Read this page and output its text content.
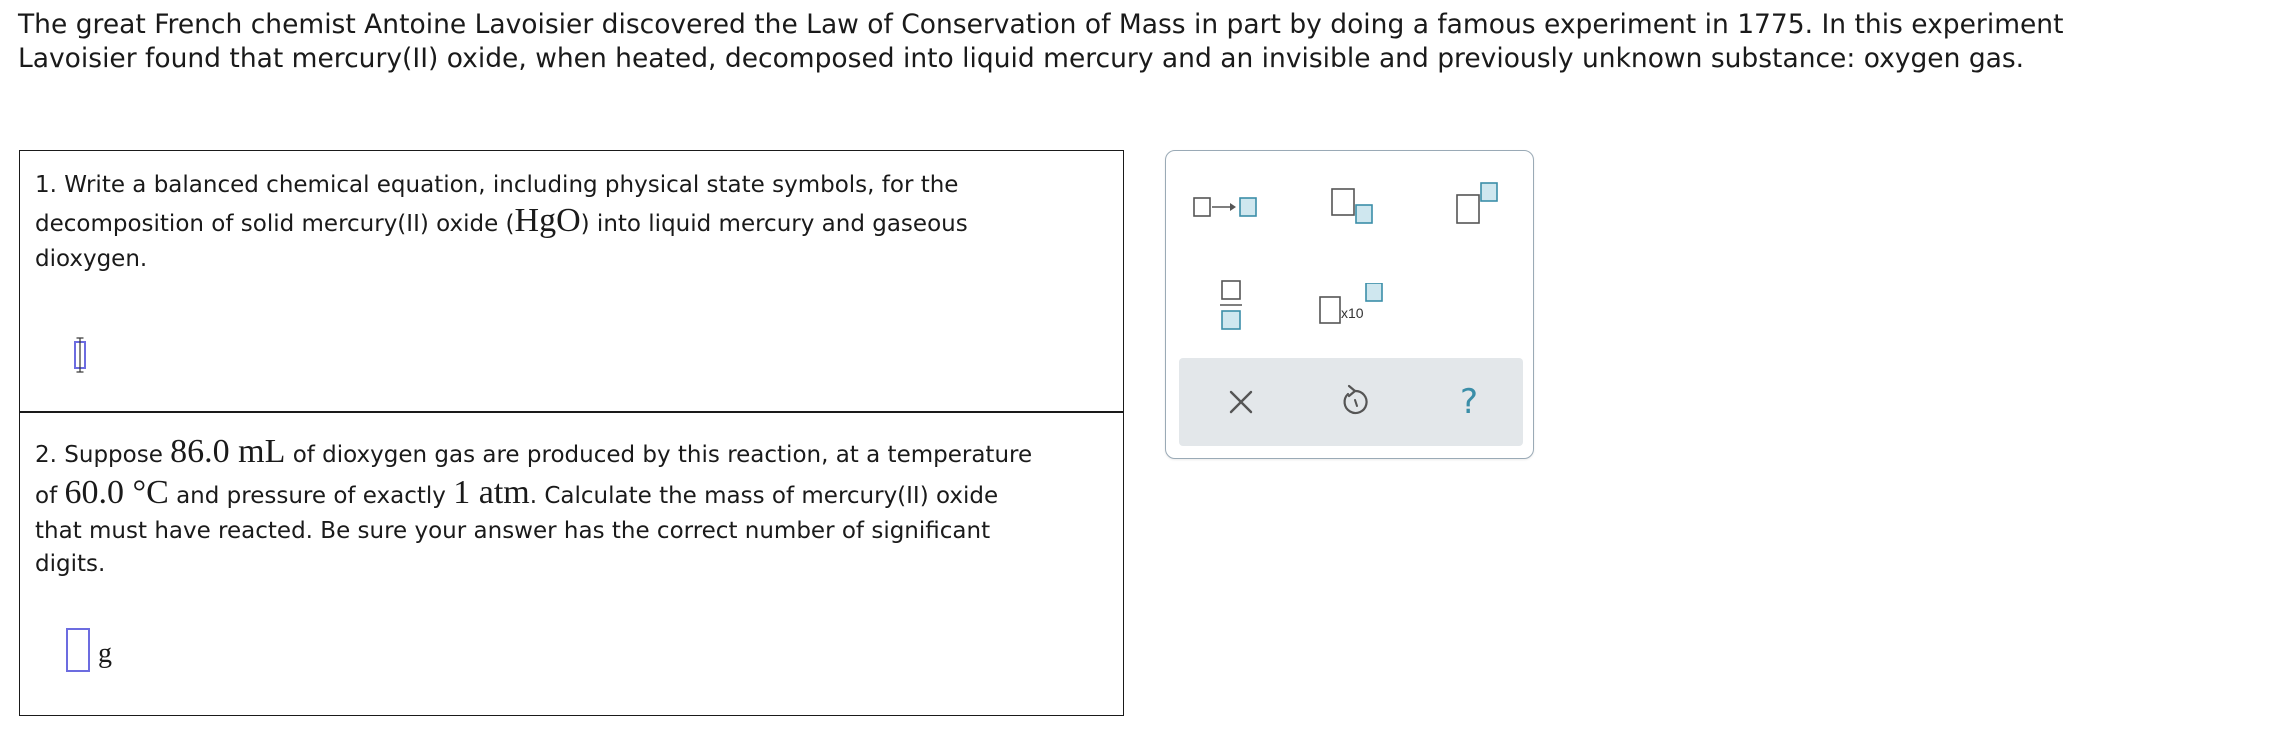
The great French chemist Antoine Lavoisier discovered the Law of Conservation of Mass in part by doing a famous experiment in 1775. In this experiment
Lavoisier found that mercury(II) oxide, when heated, decomposed into liquid mercury and an invisible and previously unknown substance: oxygen gas.
1. Write a balanced chemical equation, including physical state symbols, for the
decomposition of solid mercury(II) oxide (HgO) into liquid mercury and gaseous
dioxygen.
2. Suppose 86.0 mL of dioxygen gas are produced by this reaction, at a temperature
of 60.0 °C and pressure of exactly 1 atm. Calculate the mass of mercury(II) oxide
that must have reacted. Be sure your answer has the correct number of significant
digits.
g
x10
?
